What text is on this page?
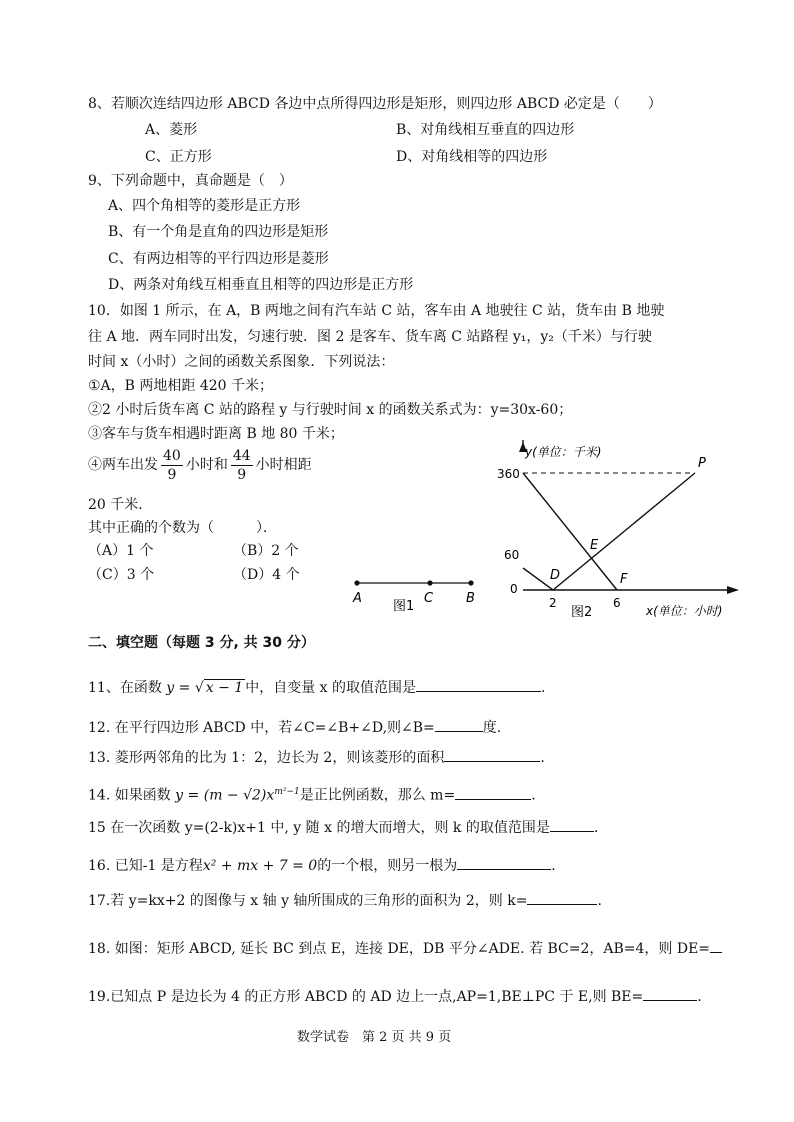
8、若顺次连结四边形 ABCD 各边中点所得四边形是矩形，则四边形 ABCD 必定是（　　）
A、菱形	B、对角线相互垂直的四边形
C、正方形	D、对角线相等的四边形
9、下列命题中，真命题是（　）
A、四个角相等的菱形是正方形
B、有一个角是直角的四边形是矩形
C、有两边相等的平行四边形是菱形
D、两条对角线互相垂直且相等的四边形是正方形
10．如图 1 所示，在 A，B 两地之间有汽车站 C 站，客车由 A 地驶往 C 站，货车由 B 地驶
往 A 地．两车同时出发，匀速行驶．图 2 是客车、货车离 C 站路程 y₁，y₂（千米）与行驶
时间 x（小时）之间的函数关系图象．下列说法：
①A，B 两地相距 420 千米；
②2 小时后货车离 C 站的路程 y 与行驶时间 x 的函数关系式为：y=30x-60；
③客车与货车相遇时距离 B 地 80 千米；
④两车出发 $\frac{40}{9}$ 小时和 $\frac{44}{9}$ 小时相距
20 千米．
其中正确的个数为（　　　）．
（A）1 个	（B）2 个
（C）3 个	（D）4 个
A	C	B
图1
y(单位：千米)
x(单位：小时)
360
60
0
2	6
P
E
D	F
图2
二、填空题（每题 3 分, 共 30 分）
11、在函数 y = √ x − 1 中，自变量 x 的取值范围是	.
12. 在平行四边形 ABCD 中，若∠C=∠B+∠D,则∠B=	度.
13. 菱形两邻角的比为 1：2，边长为 2，则该菱形的面积	.
14. 如果函数 $y = (m - √2)x^{m^2-1}$是正比例函数，那么 m=	.
15 在一次函数 y=(2-k)x+1 中, y 随 x 的增大而增大，则 k 的取值范围是	.
16. 已知-1 是方程x² + mx + 7 = 0的一个根，则另一根为	.
17.若 y=kx+2 的图像与 x 轴 y 轴所围成的三角形的面积为 2，则 k=	.
18. 如图：矩形 ABCD, 延长 BC 到点 E，连接 DE，DB 平分∠ADE. 若 BC=2，AB=4，则 DE=
19.已知点 P 是边长为 4 的正方形 ABCD 的 AD 边上一点,AP=1,BE⊥PC 于 E,则 BE=	.
数学试卷　第 2 页 共 9 页
